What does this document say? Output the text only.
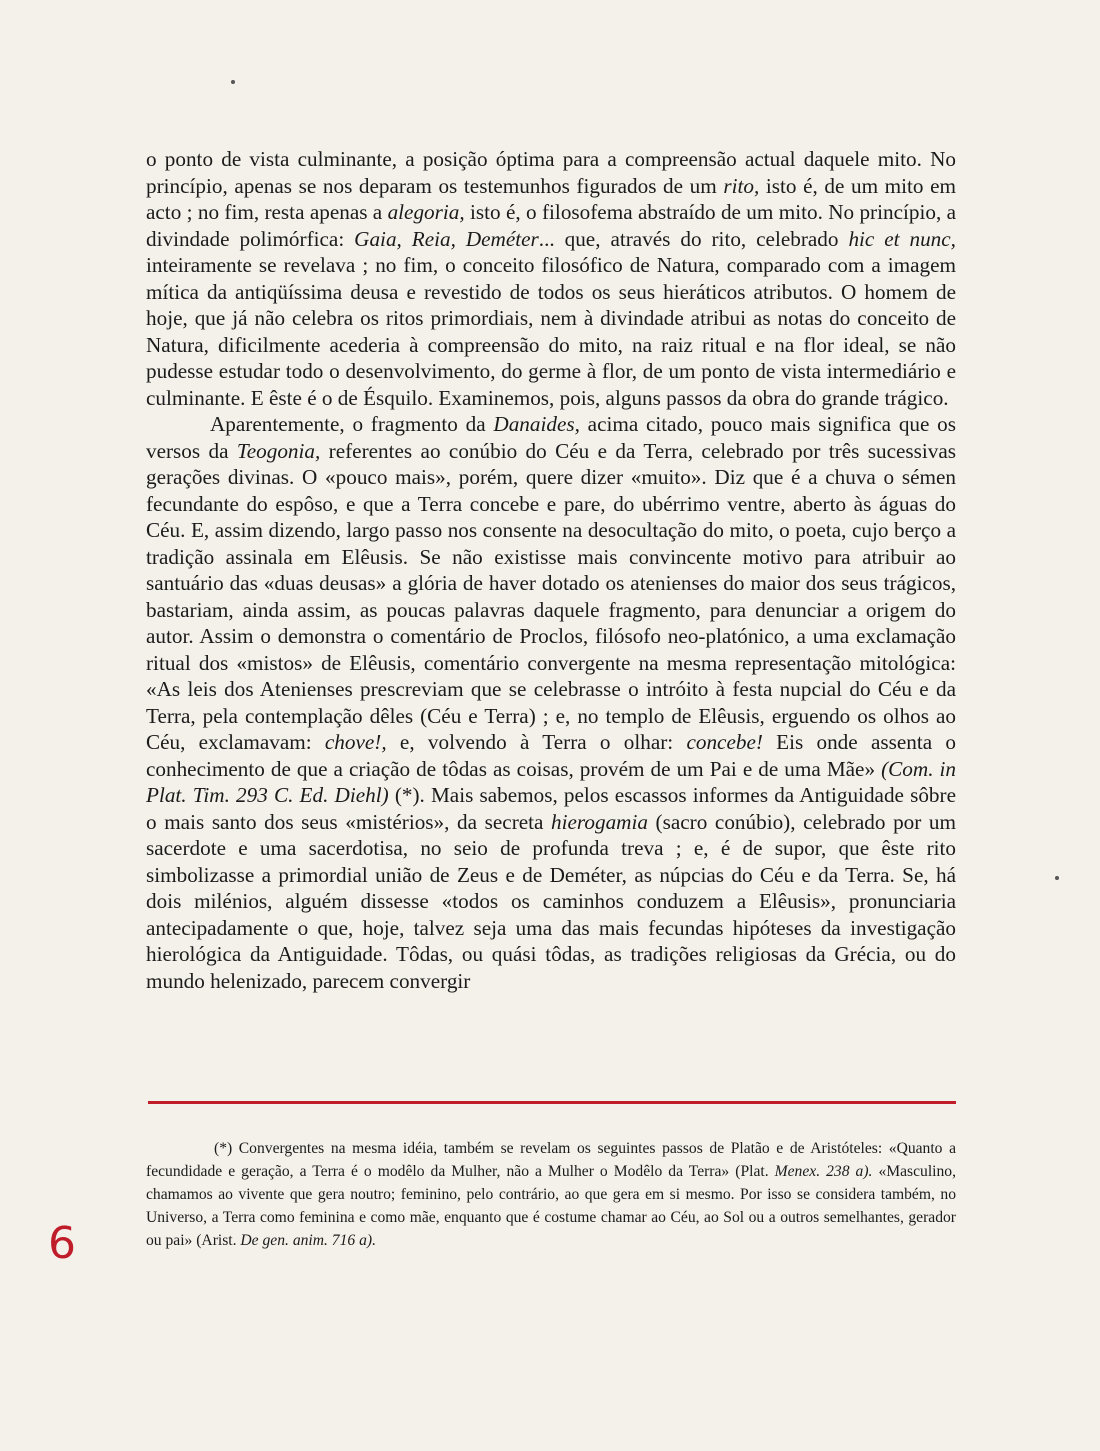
o ponto de vista culminante, a posição óptima para a compreensão actual daquele mito. No princípio, apenas se nos deparam os testemunhos figurados de um rito, isto é, de um mito em acto ; no fim, resta apenas a alegoria, isto é, o filosofema abstraído de um mito. No princípio, a divindade polimórfica: Gaia, Reia, Deméter... que, através do rito, celebrado hic et nunc, inteiramente se revelava ; no fim, o conceito filosófico de Natura, comparado com a imagem mítica da antiqüíssima deusa e revestido de todos os seus hieráticos atributos. O homem de hoje, que já não celebra os ritos primordiais, nem à divindade atribui as notas do conceito de Natura, dificilmente acederia à compreensão do mito, na raiz ritual e na flor ideal, se não pudesse estudar todo o desenvolvimento, do germe à flor, de um ponto de vista intermediário e culminante. E êste é o de Ésquilo. Examinemos, pois, alguns passos da obra do grande trágico.

Aparentemente, o fragmento da Danaides, acima citado, pouco mais significa que os versos da Teogonia, referentes ao conúbio do Céu e da Terra, celebrado por três sucessivas gerações divinas. O «pouco mais», porém, quere dizer «muito». Diz que é a chuva o sémen fecundante do espôso, e que a Terra concebe e pare, do ubérrimo ventre, aberto às águas do Céu. E, assim dizendo, largo passo nos consente na desocultação do mito, o poeta, cujo berço a tradição assinala em Elêusis. Se não existisse mais convincente motivo para atribuir ao santuário das «duas deusas» a glória de haver dotado os atenienses do maior dos seus trágicos, bastariam, ainda assim, as poucas palavras daquele fragmento, para denunciar a origem do autor. Assim o demonstra o comentário de Proclos, filósofo neo-platónico, a uma exclamação ritual dos «mistos» de Elêusis, comentário convergente na mesma representação mitológica: «As leis dos Atenienses prescreviam que se celebrasse o intróito à festa nupcial do Céu e da Terra, pela contemplação dêles (Céu e Terra) ; e, no templo de Elêusis, erguendo os olhos ao Céu, exclamavam: chove!, e, volvendo à Terra o olhar: concebe! Eis onde assenta o conhecimento de que a criação de tôdas as coisas, provém de um Pai e de uma Mãe» (Com. in Plat. Tim. 293 C. Ed. Diehl) (*). Mais sabemos, pelos escassos informes da Antiguidade sôbre o mais santo dos seus «mistérios», da secreta hierogamia (sacro conúbio), celebrado por um sacerdote e uma sacerdotisa, no seio de profunda treva ; e, é de supor, que êste rito simbolizasse a primordial união de Zeus e de Deméter, as núpcias do Céu e da Terra. Se, há dois milénios, alguém dissesse «todos os caminhos conduzem a Elêusis», pronunciaria antecipadamente o que, hoje, talvez seja uma das mais fecundas hipóteses da investigação hierológica da Antiguidade. Tôdas, ou quási tôdas, as tradições religiosas da Grécia, ou do mundo helenizado, parecem convergir

(*) Convergentes na mesma idéia, também se revelam os seguintes passos de Platão e de Aristóteles: «Quanto a fecundidade e geração, a Terra é o modêlo da Mulher, não a Mulher o Modêlo da Terra» (Plat. Menex. 238 a). «Masculino, chamamos ao vivente que gera noutro; feminino, pelo contrário, ao que gera em si mesmo. Por isso se considera também, no Universo, a Terra como feminina e como mãe, enquanto que é costume chamar ao Céu, ao Sol ou a outros semelhantes, gerador ou pai» (Arist. De gen. anim. 716 a).

6
